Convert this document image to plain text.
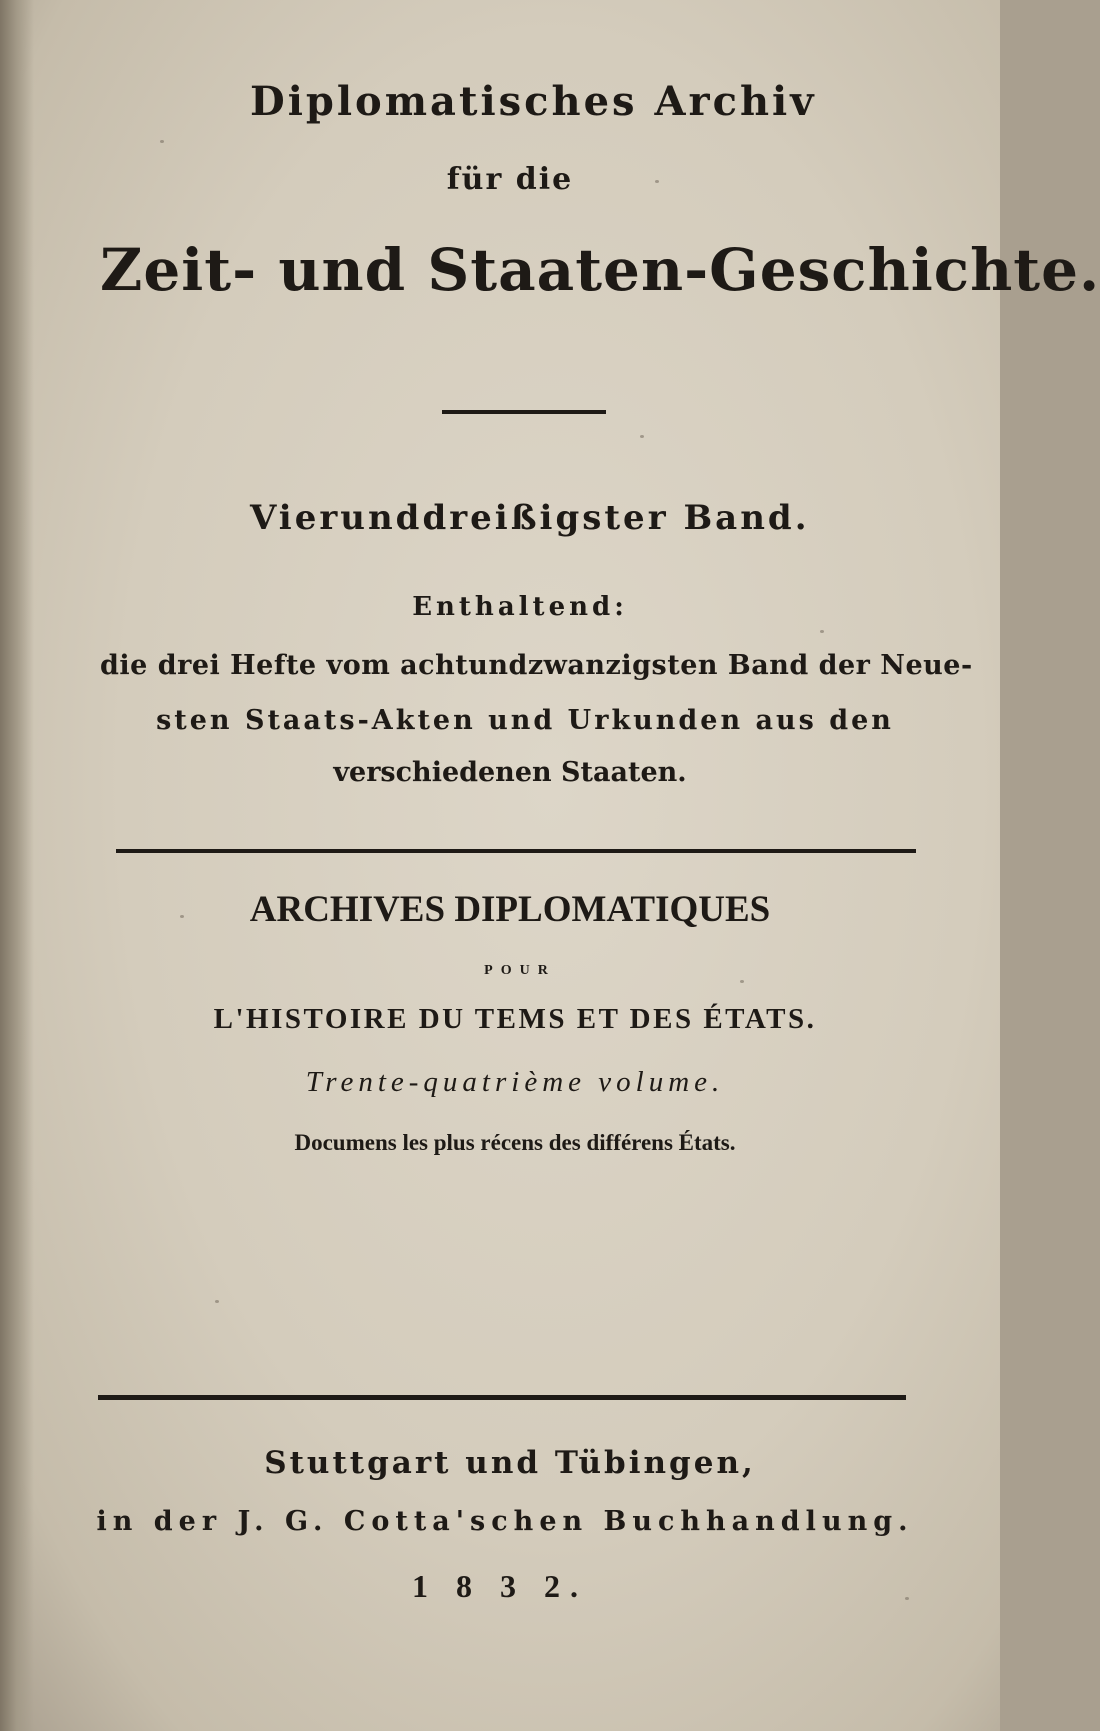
Diplomatisches Archiv
für die
Zeit- und Staaten-Geschichte.
Vierunddreißigster Band.
Enthaltend:
die drei Hefte vom achtundzwanzigsten Band der Neue-
sten Staats-Akten und Urkunden aus den
verschiedenen Staaten.
ARCHIVES DIPLOMATIQUES
POUR
L'HISTOIRE DU TEMS ET DES ÉTATS.
Trente-quatrième volume.
Documens les plus récens des différens États.
Stuttgart und Tübingen,
in der J. G. Cotta'schen Buchhandlung.
1 8 3 2.
